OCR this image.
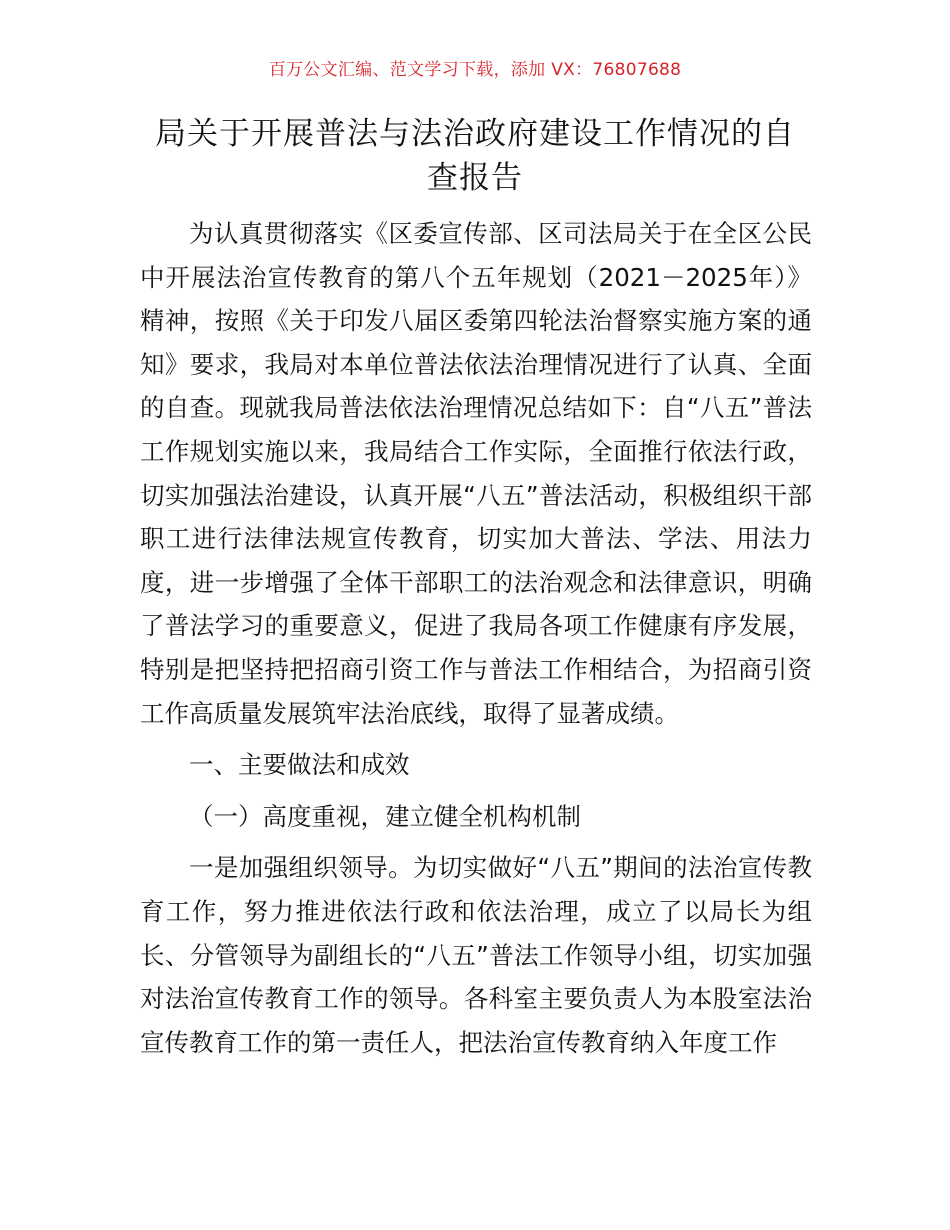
百万公文汇编、范文学习下载，添加 VX：76807688
局关于开展普法与法治政府建设工作情况的自查报告

为认真贯彻落实《区委宣传部、区司法局关于在全区公民中开展法治宣传教育的第八个五年规划（2021－2025年）》精神，按照《关于印发八届区委第四轮法治督察实施方案的通知》要求，我局对本单位普法依法治理情况进行了认真、全面的自查。现就我局普法依法治理情况总结如下：自“八五”普法工作规划实施以来，我局结合工作实际，全面推行依法行政，切实加强法治建设，认真开展“八五”普法活动，积极组织干部职工进行法律法规宣传教育，切实加大普法、学法、用法力度，进一步增强了全体干部职工的法治观念和法律意识，明确了普法学习的重要意义，促进了我局各项工作健康有序发展，特别是把坚持把招商引资工作与普法工作相结合，为招商引资工作高质量发展筑牢法治底线，取得了显著成绩。

一、主要做法和成效

（一）高度重视，建立健全机构机制

一是加强组织领导。为切实做好“八五”期间的法治宣传教育工作，努力推进依法行政和依法治理，成立了以局长为组长、分管领导为副组长的“八五”普法工作领导小组，切实加强对法治宣传教育工作的领导。各科室主要负责人为本股室法治宣传教育工作的第一责任人，把法治宣传教育纳入年度工作
